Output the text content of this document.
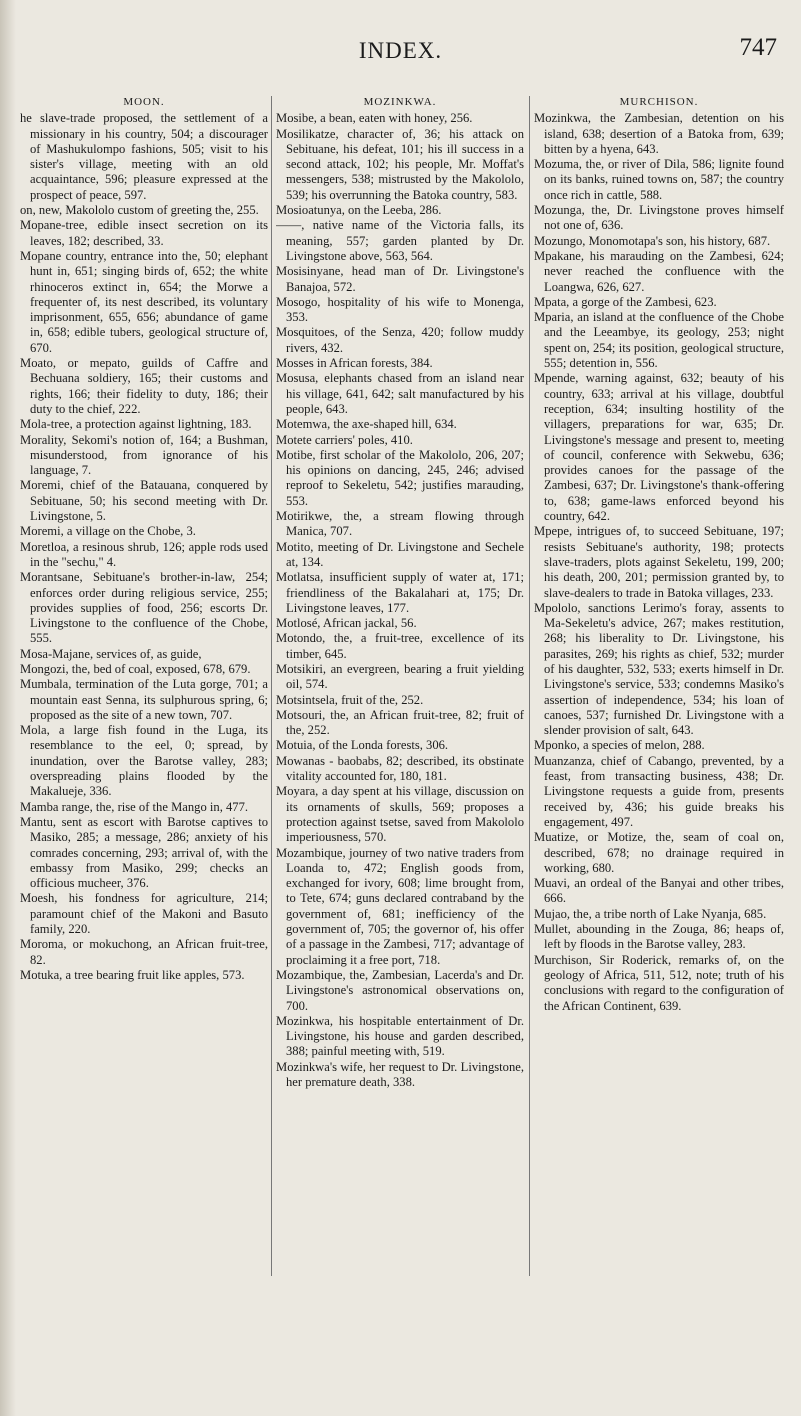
INDEX.	747
MOON.

he slave-trade proposed, the settlement of a missionary in his country, 504; a discourager of Mashukulompo fashions, 505; visit to his sister's village, meeting with an old acquaintance, 596; pleasure expressed at the prospect of peace, 597.

on, new, Makololo custom of greeting the, 255.

Mopane-tree, edible insect secretion on its leaves, 182; described, 33.

Mopane country, entrance into the, 50; elephant hunt in, 651; singing birds of, 652; the white rhinoceros extinct in, 654; the Morwe a frequenter of, its nest described, its voluntary imprisonment, 655, 656; abundance of game in, 658; edible tubers, geological structure of, 670.

Moato, or mepato, guilds of Caffre and Bechuana soldiery, 165; their customs and rights, 166; their fidelity to duty, 186; their duty to the chief, 222.

Mola-tree, a protection against lightning, 183.

Morality, Sekomi's notion of, 164; a Bushman, misunderstood, from ignorance of his language, 7.

Moremi, chief of the Batauana, conquered by Sebituane, 50; his second meeting with Dr. Livingstone, 5.

Moremi, a village on the Chobe, 3.

Moretloa, a resinous shrub, 126; apple rods used in the "sechu," 4.

Morantsane, Sebituane's brother-in-law, 254; enforces order during religious service, 255; provides supplies of food, 256; escorts Dr. Livingstone to the confluence of the Chobe, 555.

Mosa-Majane, services of, as guide,

Mongozi, the, bed of coal, exposed, 678, 679.

Mumbala, termination of the Luta gorge, 701; a mountain east Senna, its sulphurous spring, 6; proposed as the site of a new town, 707.

Mola, a large fish found in the Luga, its resemblance to the eel, 0; spread, by inundation, over the Barotse valley, 283; overspreading plains flooded by the Makalueje, 336.

Mamba range, the, rise of the Mango in, 477.

Mantu, sent as escort with Barotse captives to Masiko, 285; a message, 286; anxiety of his comrades concerning, 293; arrival of, with the embassy from Masiko, 299; checks an officious mucheer, 376.

Moesh, his fondness for agriculture, 214; paramount chief of the Makoni and Basuto family, 220.

Moroma, or mokuchong, an African fruit-tree, 82.

Motuka, a tree bearing fruit like apples, 573.

MOZINKWA.

Mosibe, a bean, eaten with honey, 256.

Mosilikatze, character of, 36; his attack on Sebituane, his defeat, 101; his ill success in a second attack, 102; his people, Mr. Moffat's messengers, 538; mistrusted by the Makololo, 539; his overrunning the Batoka country, 583.

Mosioatunya, on the Leeba, 286.

——, native name of the Victoria falls, its meaning, 557; garden planted by Dr. Livingstone above, 563, 564.

Mosisinyane, head man of Dr. Livingstone's Banajoa, 572.

Mosogo, hospitality of his wife to Monenga, 353.

Mosquitoes, of the Senza, 420; follow muddy rivers, 432.

Mosses in African forests, 384.

Mosusa, elephants chased from an island near his village, 641, 642; salt manufactured by his people, 643.

Motemwa, the axe-shaped hill, 634.

Motete carriers' poles, 410.

Motibe, first scholar of the Makololo, 206, 207; his opinions on dancing, 245, 246; advised reproof to Sekeletu, 542; justifies marauding, 553.

Motirikwe, the, a stream flowing through Manica, 707.

Motito, meeting of Dr. Livingstone and Sechele at, 134.

Motlatsa, insufficient supply of water at, 171; friendliness of the Bakalahari at, 175; Dr. Livingstone leaves, 177.

Motlosé, African jackal, 56.

Motondo, the, a fruit-tree, excellence of its timber, 645.

Motsikiri, an evergreen, bearing a fruit yielding oil, 574.

Motsintsela, fruit of the, 252.

Motsouri, the, an African fruit-tree, 82; fruit of the, 252.

Motuia, of the Londa forests, 306.

Mowanas - baobabs, 82; described, its obstinate vitality accounted for, 180, 181.

Moyara, a day spent at his village, discussion on its ornaments of skulls, 569; proposes a protection against tsetse, saved from Makololo imperiousness, 570.

Mozambique, journey of two native traders from Loanda to, 472; English goods from, exchanged for ivory, 608; lime brought from, to Tete, 674; guns declared contraband by the government of, 681; inefficiency of the government of, 705; the governor of, his offer of a passage in the Zambesi, 717; advantage of proclaiming it a free port, 718.

Mozambique, the, Zambesian, Lacerda's and Dr. Livingstone's astronomical observations on, 700.

Mozinkwa, his hospitable entertainment of Dr. Livingstone, his house and garden described, 388; painful meeting with, 519.

Mozinkwa's wife, her request to Dr. Livingstone, her premature death, 338.

MURCHISON.

Mozinkwa, the Zambesian, detention on his island, 638; desertion of a Batoka from, 639; bitten by a hyena, 643.

Mozuma, the, or river of Dila, 586; lignite found on its banks, ruined towns on, 587; the country once rich in cattle, 588.

Mozunga, the, Dr. Livingstone proves himself not one of, 636.

Mozungo, Monomotapa's son, his history, 687.

Mpakane, his marauding on the Zambesi, 624; never reached the confluence with the Loangwa, 626, 627.

Mpata, a gorge of the Zambesi, 623.

Mparia, an island at the confluence of the Chobe and the Leeambye, its geology, 253; night spent on, 254; its position, geological structure, 555; detention in, 556.

Mpende, warning against, 632; beauty of his country, 633; arrival at his village, doubtful reception, 634; insulting hostility of the villagers, preparations for war, 635; Dr. Livingstone's message and present to, meeting of council, conference with Sekwebu, 636; provides canoes for the passage of the Zambesi, 637; Dr. Livingstone's thank-offering to, 638; game-laws enforced beyond his country, 642.

Mpepe, intrigues of, to succeed Sebituane, 197; resists Sebituane's authority, 198; protects slave-traders, plots against Sekeletu, 199, 200; his death, 200, 201; permission granted by, to slave-dealers to trade in Batoka villages, 233.

Mpololo, sanctions Lerimo's foray, assents to Ma-Sekeletu's advice, 267; makes restitution, 268; his liberality to Dr. Livingstone, his parasites, 269; his rights as chief, 532; murder of his daughter, 532, 533; exerts himself in Dr. Livingstone's service, 533; condemns Masiko's assertion of independence, 534; his loan of canoes, 537; furnished Dr. Livingstone with a slender provision of salt, 643.

Mponko, a species of melon, 288.

Muanzanza, chief of Cabango, prevented, by a feast, from transacting business, 438; Dr. Livingstone requests a guide from, presents received by, 436; his guide breaks his engagement, 497.

Muatize, or Motize, the, seam of coal on, described, 678; no drainage required in working, 680.

Muavi, an ordeal of the Banyai and other tribes, 666.

Mujao, the, a tribe north of Lake Nyanja, 685.

Mullet, abounding in the Zouga, 86; heaps of, left by floods in the Barotse valley, 283.

Murchison, Sir Roderick, remarks of, on the geology of Africa, 511, 512, note; truth of his conclusions with regard to the configuration of the African Continent, 639.
